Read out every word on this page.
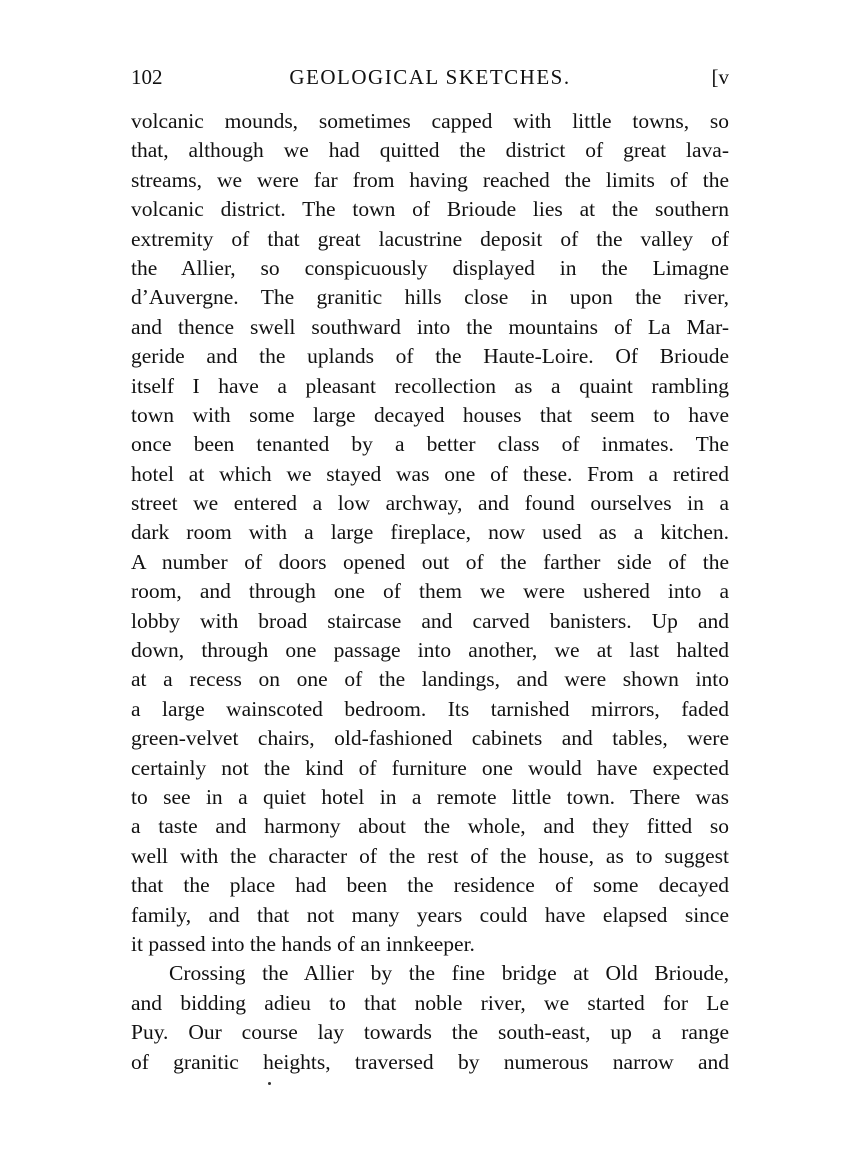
102	GEOLOGICAL SKETCHES.	[v
volcanic mounds, sometimes capped with little towns, so
that, although we had quitted the district of great lava-
streams, we were far from having reached the limits of the
volcanic district. The town of Brioude lies at the southern
extremity of that great lacustrine deposit of the valley of
the Allier, so conspicuously displayed in the Limagne
d’Auvergne. The granitic hills close in upon the river,
and thence swell southward into the mountains of La Mar-
geride and the uplands of the Haute-Loire. Of Brioude
itself I have a pleasant recollection as a quaint rambling
town with some large decayed houses that seem to have
once been tenanted by a better class of inmates. The
hotel at which we stayed was one of these. From a retired
street we entered a low archway, and found ourselves in a
dark room with a large fireplace, now used as a kitchen.
A number of doors opened out of the farther side of the
room, and through one of them we were ushered into a
lobby with broad staircase and carved banisters. Up and
down, through one passage into another, we at last halted
at a recess on one of the landings, and were shown into
a large wainscoted bedroom. Its tarnished mirrors, faded
green-velvet chairs, old-fashioned cabinets and tables, were
certainly not the kind of furniture one would have expected
to see in a quiet hotel in a remote little town. There was
a taste and harmony about the whole, and they fitted so
well with the character of the rest of the house, as to suggest
that the place had been the residence of some decayed
family, and that not many years could have elapsed since
it passed into the hands of an innkeeper.
Crossing the Allier by the fine bridge at Old Brioude,
and bidding adieu to that noble river, we started for Le
Puy. Our course lay towards the south-east, up a range
of granitic heights, traversed by numerous narrow and
